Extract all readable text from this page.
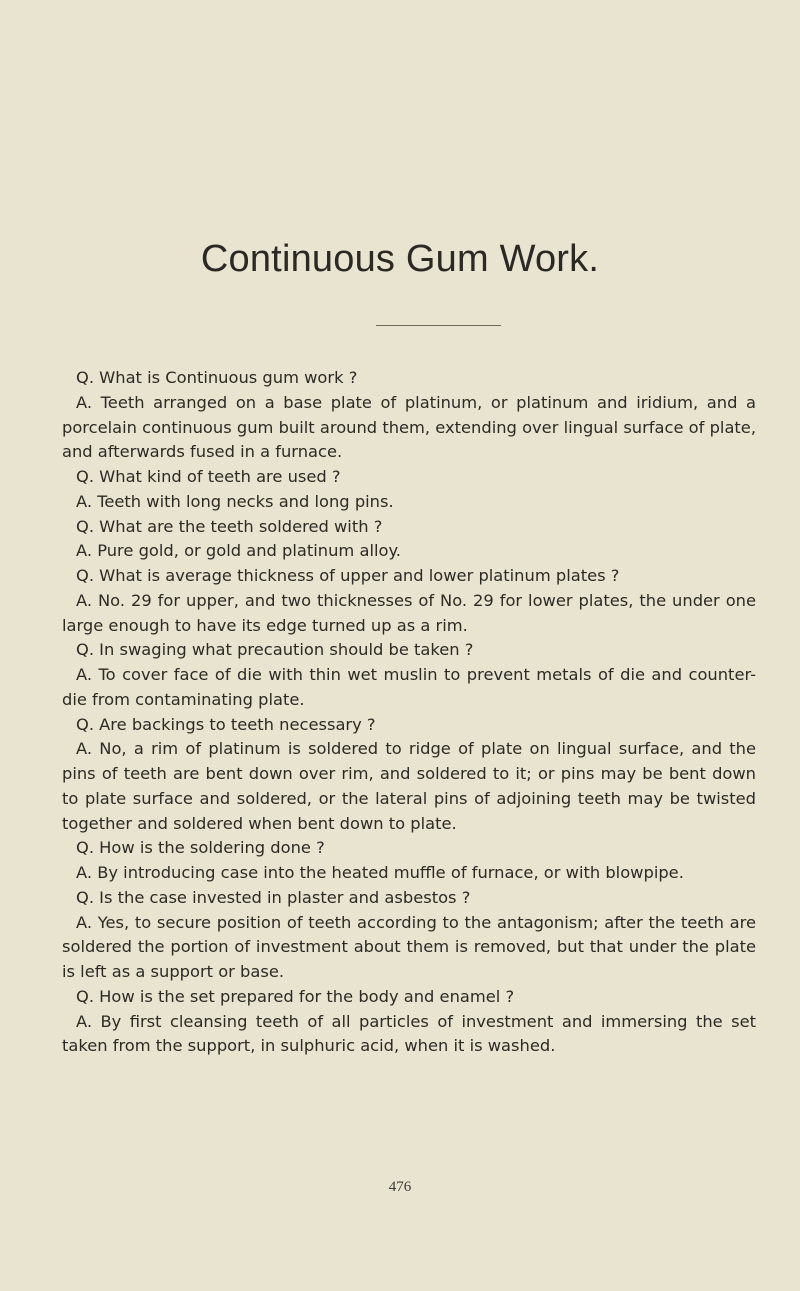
Continuous Gum Work.

Q. What is Continuous gum work ?

A. Teeth arranged on a base plate of platinum, or platinum and iridium, and a porcelain continuous gum built around them, extending over lingual surface of plate, and afterwards fused in a furnace.

Q. What kind of teeth are used ?

A. Teeth with long necks and long pins.

Q. What are the teeth soldered with ?

A. Pure gold, or gold and platinum alloy.

Q. What is average thickness of upper and lower platinum plates ?

A. No. 29 for upper, and two thicknesses of No. 29 for lower plates, the under one large enough to have its edge turned up as a rim.

Q. In swaging what precaution should be taken ?

A. To cover face of die with thin wet muslin to prevent metals of die and counter-die from contaminating plate.

Q. Are backings to teeth necessary ?

A. No, a rim of platinum is soldered to ridge of plate on lingual surface, and the pins of teeth are bent down over rim, and soldered to it; or pins may be bent down to plate surface and soldered, or the lateral pins of adjoining teeth may be twisted together and soldered when bent down to plate.

Q. How is the soldering done ?

A. By introducing case into the heated muffle of furnace, or with blowpipe.

Q. Is the case invested in plaster and asbestos ?

A. Yes, to secure position of teeth according to the antagonism; after the teeth are soldered the portion of investment about them is removed, but that under the plate is left as a support or base.

Q. How is the set prepared for the body and enamel ?

A. By first cleansing teeth of all particles of investment and immersing the set taken from the support, in sulphuric acid, when it is washed.

476
